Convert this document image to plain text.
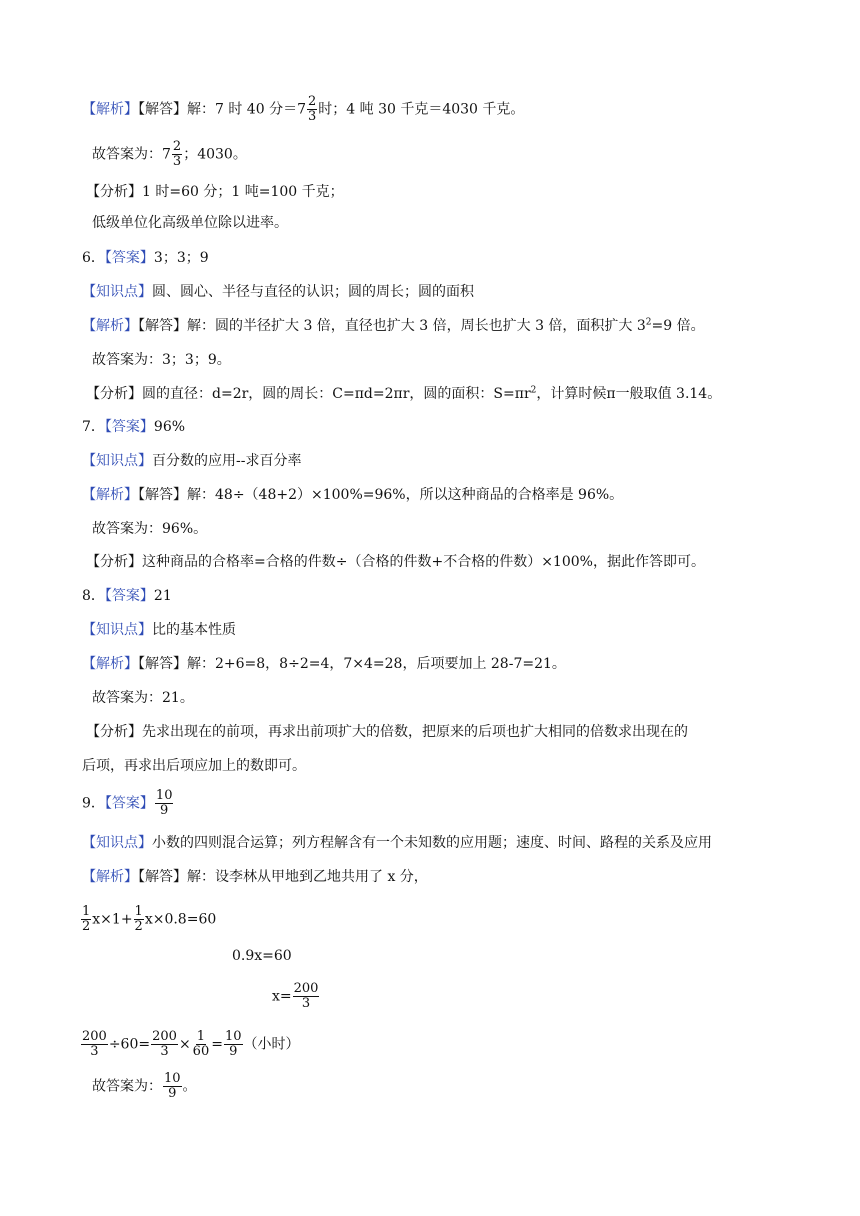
【解析】【解答】解：7 时 40 分$=7 \frac{2}{3}$ 时；4 吨 30 千克＝4030 千克。
故答案为：$7 \frac{2}{3}$ ；4030。
【分析】1 时=60 分；1 吨=100 千克；
低级单位化高级单位除以进率。
6．【答案】3；3；9
【知识点】圆、圆心、半径与直径的认识；圆的周长；圆的面积
【解析】【解答】解：圆的半径扩大 3 倍，直径也扩大 3 倍，周长也扩大 3 倍，面积扩大 $3^2=9$ 倍。
故答案为：3；3；9。
【分析】圆的直径：d=2r，圆的周长：C=πd=2πr，圆的面积：$S=\pi r^2$，计算时候π一般取值 3.14。
7．【答案】96%
【知识点】百分数的应用--求百分率
【解析】【解答】解：48÷（48+2）×100%=96%，所以这种商品的合格率是 96%。
故答案为：96%。
【分析】这种商品的合格率=合格的件数÷（合格的件数+不合格的件数）×100%，据此作答即可。
8．【答案】21
【知识点】比的基本性质
【解析】【解答】解：2+6=8，8÷2=4，7×4=28，后项要加上 28-7=21。
故答案为：21。
【分析】先求出现在的前项，再求出前项扩大的倍数，把原来的后项也扩大相同的倍数求出现在的
后项，再求出后项应加上的数即可。
9．【答案】 $\frac{10}{9}$
【知识点】小数的四则混合运算；列方程解含有一个未知数的应用题；速度、时间、路程的关系及应用
【解析】【解答】解：设李林从甲地到乙地共用了 x 分，
$\frac{1}{2} x\times 1+ \frac{1}{2} x\times 0.8=60$
0.9x=60
$x= \frac{200}{3}$
$\frac{200}{3} \div 60= \frac{200}{3} \times \frac{1}{60} = \frac{10}{9}$ （小时）
故答案为： $\frac{10}{9}$ 。
